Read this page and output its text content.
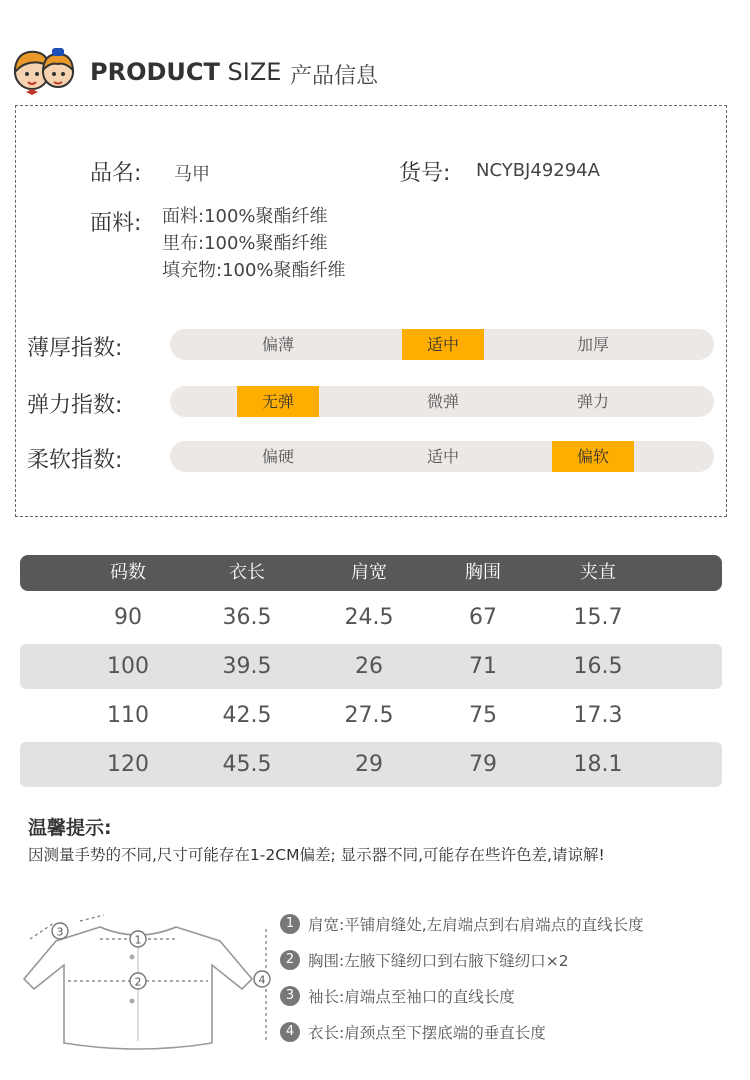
PRODUCT SIZE 产品信息
品名: 马甲	货号: NCYBJ49294A
面料: 面料:100%聚酯纤维
里布:100%聚酯纤维
填充物:100%聚酯纤维
薄厚指数:	偏薄	适中	加厚
弹力指数:	无弹	微弹	弹力
柔软指数:	偏硬	适中	偏软
码数	衣长	肩宽	胸围	夹直
90	36.5	24.5	67	15.7
100	39.5	26	71	16.5
110	42.5	27.5	75	17.3
120	45.5	29	79	18.1
温馨提示:
因测量手势的不同,尺寸可能存在1-2CM偏差; 显示器不同,可能存在些许色差,请谅解!
1
2
3
4
1 肩宽:平铺肩缝处,左肩端点到右肩端点的直线长度
2 胸围:左腋下缝纫口到右腋下缝纫口×2
3 袖长:肩端点至袖口的直线长度
4 衣长:肩颈点至下摆底端的垂直长度
